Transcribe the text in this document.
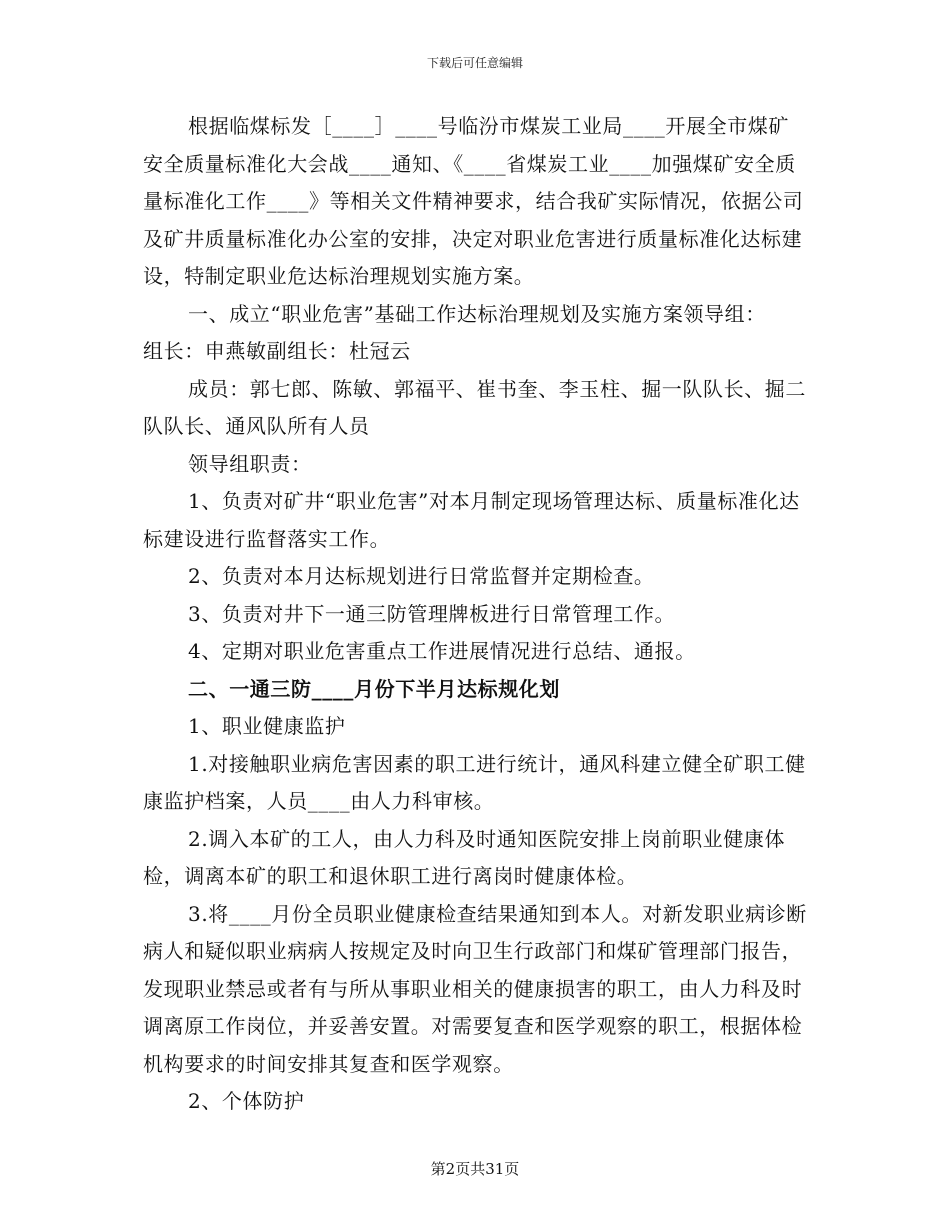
下载后可任意编辑

根据临煤标发［____］____号临汾市煤炭工业局____开展全市煤矿安全质量标准化大会战____通知、《____省煤炭工业____加强煤矿安全质量标准化工作____》等相关文件精神要求，结合我矿实际情况，依据公司及矿井质量标准化办公室的安排，决定对职业危害进行质量标准化达标建设，特制定职业危达标治理规划实施方案。

一、成立“职业危害”基础工作达标治理规划及实施方案领导组：

组长：申燕敏副组长：杜冠云

成员：郭七郎、陈敏、郭福平、崔书奎、李玉柱、掘一队队长、掘二队队长、通风队所有人员

领导组职责：

1、负责对矿井“职业危害”对本月制定现场管理达标、质量标准化达标建设进行监督落实工作。

2、负责对本月达标规划进行日常监督并定期检查。

3、负责对井下一通三防管理牌板进行日常管理工作。

4、定期对职业危害重点工作进展情况进行总结、通报。

二、一通三防____月份下半月达标规化划

1、职业健康监护

1.对接触职业病危害因素的职工进行统计，通风科建立健全矿职工健康监护档案，人员____由人力科审核。

2.调入本矿的工人，由人力科及时通知医院安排上岗前职业健康体检，调离本矿的职工和退休职工进行离岗时健康体检。

3.将____月份全员职业健康检查结果通知到本人。对新发职业病诊断病人和疑似职业病病人按规定及时向卫生行政部门和煤矿管理部门报告，发现职业禁忌或者有与所从事职业相关的健康损害的职工，由人力科及时调离原工作岗位，并妥善安置。对需要复查和医学观察的职工，根据体检机构要求的时间安排其复查和医学观察。

2、个体防护

第2页共31页
